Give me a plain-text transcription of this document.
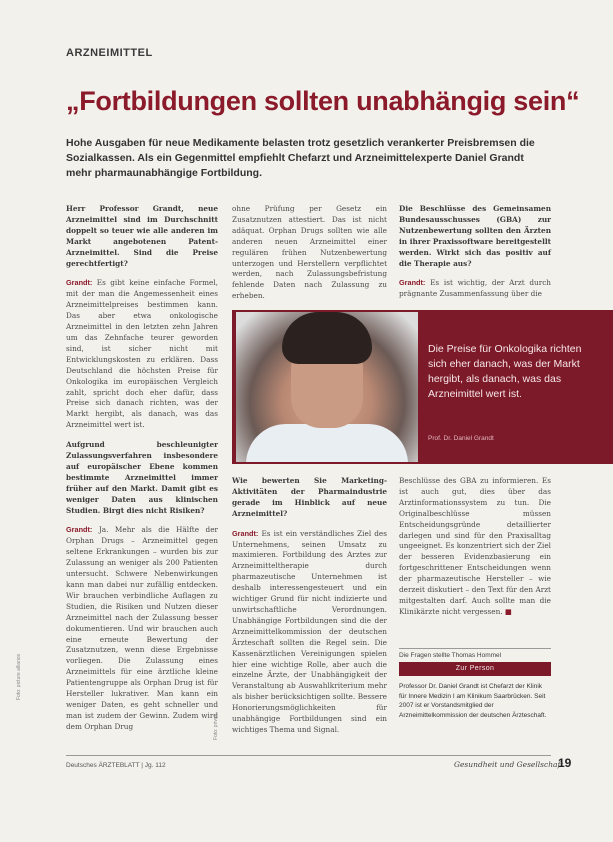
ARZNEIMITTEL
„Fortbildungen sollten unabhängig sein“
Hohe Ausgaben für neue Medikamente belasten trotz gesetzlich verankerter Preisbremsen die Sozialkassen. Als ein Gegenmittel empfiehlt Chefarzt und Arzneimittelexperte Daniel Grandt mehr pharmaunabhängige Fortbildung.

Herr Professor Grandt, neue Arzneimittel sind im Durchschnitt doppelt so teuer wie alle anderen im Markt angebotenen Patent-Arzneimittel. Sind die Preise gerechtfertigt?

Grandt: Es gibt keine einfache Formel, mit der man die Angemessenheit eines Arzneimittelpreises bestimmen kann. Das aber etwa onkologische Arzneimittel in den letzten zehn Jahren um das Zehnfache teurer geworden sind, ist sicher nicht mit Entwicklungskosten zu erklären. Dass Deutschland die höchsten Preise für Onkologika im europäischen Vergleich zahlt, spricht doch eher dafür, dass Preise sich danach richten, was der Markt hergibt, als danach, was das Arzneimittel wert ist.

Aufgrund beschleunigter Zulassungsverfahren insbesondere auf europäischer Ebene kommen bestimmte Arzneimittel immer früher auf den Markt. Damit gibt es weniger Daten aus klinischen Studien. Birgt dies nicht Risiken?

Grandt: Ja. Mehr als die Hälfte der Orphan Drugs – Arzneimittel gegen seltene Erkrankungen – wurden bis zur Zulassung an weniger als 200 Patienten untersucht. Schwere Nebenwirkungen kann man dabei nur zufällig entdecken. Wir brauchen verbindliche Auflagen zu Studien, die Risiken und Nutzen dieser Arzneimittel nach der Zulassung besser dokumentieren. Und wir brauchen auch eine erneute Bewertung der Zusatznutzen, wenn diese Ergebnisse vorliegen. Die Zulassung eines Arzneimittels für eine ärztliche kleine Patientengruppe als Orphan Drug ist für Hersteller lukrativer. Man kann ein weniger Daten, es geht schneller und man ist zudem der Gewinn. Zudem wird dem Orphan Drug

ohne Prüfung per Gesetz ein Zusatznutzen attestiert. Das ist nicht adäquat. Orphan Drugs sollten wie alle anderen neuen Arzneimittel einer regulären frühen Nutzenbewertung unterzogen und Herstellern verpflichtet werden, nach Zulassungsbefristung fehlende Daten nach Zulassung zu erheben.

Die Beschlüsse des Gemeinsamen Bundesausschusses (GBA) zur Nutzenbewertung sollten den Ärzten in ihrer Praxissoftware bereitgestellt werden. Wirkt sich das positiv auf die Therapie aus?

Grandt: Es ist wichtig, der Arzt durch prägnante Zusammenfassung über die

Die Preise für Onkologika richten sich eher danach, was der Markt hergibt, als danach, was das Arzneimittel wert ist.
Prof. Dr. Daniel Grandt

Wie bewerten Sie Marketing-Aktivitäten der Pharmaindustrie gerade im Hinblick auf neue Arzneimittel?

Grandt: Es ist ein verständliches Ziel des Unternehmens, seinen Umsatz zu maximieren. Fortbildung des Arztes zur Arzneimitteltherapie durch pharmazeutische Unternehmen ist deshalb interessengesteuert und ein wichtiger Grund für nicht indizierte und unwirtschaftliche Verordnungen. Unabhängige Fortbildungen sind die der Arzneimittelkommission der deutschen Ärzteschaft sollten die Regel sein. Die Kassenärztlichen Vereinigungen spielen hier eine wichtige Rolle, aber auch die einzelne Ärzte, der Unabhängigkeit der Veranstaltung ab Auswahlkriterium mehr als bisher berücksichtigen sollte. Bessere Honorierungsmöglichkeiten für unabhängige Fortbildungen sind ein wichtiges Thema und Signal.

Beschlüsse des GBA zu informieren. Es ist auch gut, dies über das Arztinformationssystem zu tun. Die Originalbeschlüsse müssen Entscheidungsgründe detaillierter darlegen und sind für den Praxisalltag ungeeignet. Es konzentriert sich der Ziel der besseren Evidenzbasierung ein fortgeschrittener Entscheidungen wenn der pharmazeutische Hersteller – wie derzeit diskutiert – den Text für den Arzt mitgestalten darf. Auch sollte man die Klinikärzte nicht vergessen. ■

Die Fragen stellte Thomas Hommel
Zur Person
Professor Dr. Daniel Grandt ist Chefarzt der Klinik für Innere Medizin I am Klinikum Saarbrücken. Seit 2007 ist er Vorstandsmitglied der Arzneimittelkommission der deutschen Ärzteschaft.
Deutsches ÄRZTEBLATT | Jg. 112	Gesundheit und Gesellschaft
19
Foto: picture alliance
Foto: privat
